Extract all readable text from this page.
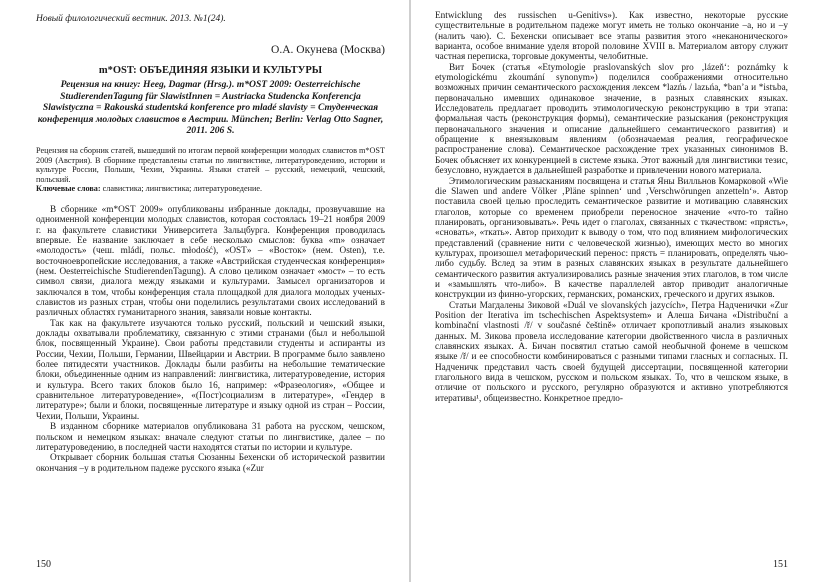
Новый филологический вестник. 2013. №1(24).
О.А. Окунева (Москва)
m*OST: ОБЪЕДИНЯЯ ЯЗЫКИ И КУЛЬТУРЫ
Рецензия на книгу: Heeg, Dagmar (Hrsg.). m*OST 2009: Oesterreichische StudierendenTagung für SlawistInnen = Austriacka Studencka Konferencja Slawistyczna = Rakouská studentská konference pro mladé slavisty = Студенческая конференция молодых славистов в Австрии. München; Berlin: Verlag Otto Sagner, 2011. 206 S.
Рецензия на сборник статей, вышедший по итогам первой конференции молодых славистов m*OST 2009 (Австрия). В сборнике представлены статьи по лингвистике, литературоведению, истории и культуре России, Польши, Чехии, Украины. Языки статей – русский, немецкий, чешский, польский.
Ключевые слова: славистика; лингвистика; литературоведение.

В сборнике «m*OST 2009» опубликованы избранные доклады, прозвучавшие на одноименной конференции молодых славистов, которая состоялась 19–21 ноября 2009 г. на факультете славистики Университета Зальцбурга. Конференция проводилась впервые. Ее название заключает в себе несколько смыслов: буква «m» означает «молодость» (чеш. mládí, польс. młodość), «OST» – «Восток» (нем. Osten), т.е. восточноевропейские исследования, а также «Австрийская студенческая конференция» (нем. Oesterreichische StudierendenTagung). А слово целиком означает «мост» – то есть символ связи, диалога между языками и культурами. Замысел организаторов и заключался в том, чтобы конференция стала площадкой для диалога молодых ученых-славистов из разных стран, чтобы они поделились результатами своих исследований в различных областях гуманитарного знания, завязали новые контакты.

Так как на факультете изучаются только русский, польский и чешский языки, доклады охватывали проблематику, связанную с этими странами (был и небольшой блок, посвященный Украине). Свои работы представили студенты и аспиранты из России, Чехии, Польши, Германии, Швейцарии и Австрии. В программе было заявлено более пятидесяти участников. Доклады были разбиты на небольшие тематические блоки, объединенные одним из направлений: лингвистика, литературоведение, история и культура. Всего таких блоков было 16, например: «Фразеология», «Общее и сравнительное литературоведение», «(Пост)социализм в литературе», «Гендер в литературе»; были и блоки, посвященные литературе и языку одной из стран – России, Чехии, Польши, Украины.

В изданном сборнике материалов опубликована 31 работа на русском, чешском, польском и немецком языках: вначале следуют статьи по лингвистике, далее – по литературоведению, в последней части находятся статьи по истории и культуре.

Открывает сборник большая статья Сюзанны Бехенски об исторической развитии окончания –у в родительном падеже русского языка («Zur

150

Entwicklung des russischen u-Genitivs»). Как известно, некоторые русские существительные в родительном падеже могут иметь не только окончание –а, но и –у (налить чаю). С. Бехенски описывает все этапы развития этого «неканонического» варианта, особое внимание уделя второй половине XVIII в. Материалом автору служит частная переписка, торговые документы, челобитные.

Вит Бочек (статья «Etymologie praslovanských slov pro ‚lázeň‘: poznámky k etymologickému zkoumání synonym») поделился соображениями относительно возможных причин семантического расхождения лексем *lazńь / lazьńa, *ban’a и *istъba, первоначально имевших одинаковое значение, в разных славянских языках. Исследователь предлагает проводить этимологическую реконструкцию в три этапа: формальная часть (реконструкция формы), семантические разыскания (реконструкция первоначального значения и описание дальнейшего семантического развития) и обращение к внеязыковым явлениям (обозначаемая реалия, географическое распространение слова). Семантическое расхождение трех указанных синонимов В. Бочек объясняет их конкуренцией в системе языка. Этот важный для лингвистики тезис, безусловно, нуждается в дальнейшей разработке и привлечении нового материала.

Этимологическим разысканиям посвящена и статья Яны Вилльнов Комарковой «Wie die Slawen und andere Völker ‚Pläne spinnen‘ und ‚Verschwörungen anzetteln‘». Автор поставила своей целью проследить семантическое развитие и мотивацию славянских глаголов, которые со временем приобрели переносное значение «что-то тайно планировать, организовывать». Речь идет о глаголах, связанных с ткачеством: «прясть», «сновать», «ткать». Автор приходит к выводу о том, что под влиянием мифологических представлений (сравнение нити с человеческой жизнью), имеющих место во многих культурах, произошел метафорический перенос: прясть = планировать, определять чью-либо судьбу. Вслед за этим в разных славянских языках в результате дальнейшего семантического развития актуализировались разные значения этих глаголов, в том числе и «замышлять что-либо». В качестве параллелей автор приводит аналогичные конструкции из финно-угорских, германских, романских, греческого и других языков.

Статьи Магдалены Зиковой «Duál ve slovanských jazycích», Петра Надченички «Zur Position der Iterativa im tschechischen Aspektsystem» и Алеша Бичана «Distribuční a kombinační vlastnosti /ř/ v současné češtině» отличает кропотливый анализ языковых данных. М. Зикова провела исследование категории двойственного числа в различных славянских языках. А. Бичан посвятил статью самой необычной фонеме в чешском языке /ř/ и ее способности комбинироваться с разными типами гласных и согласных. П. Надченичк представил часть своей будущей диссертации, посвященной категории глагольного вида в чешском, русском и польском языках. То, что в чешском языке, в отличие от польского и русского, регулярно образуются и активно употребляются итеративы¹, общеизвестно. Конкретное предло-

151
